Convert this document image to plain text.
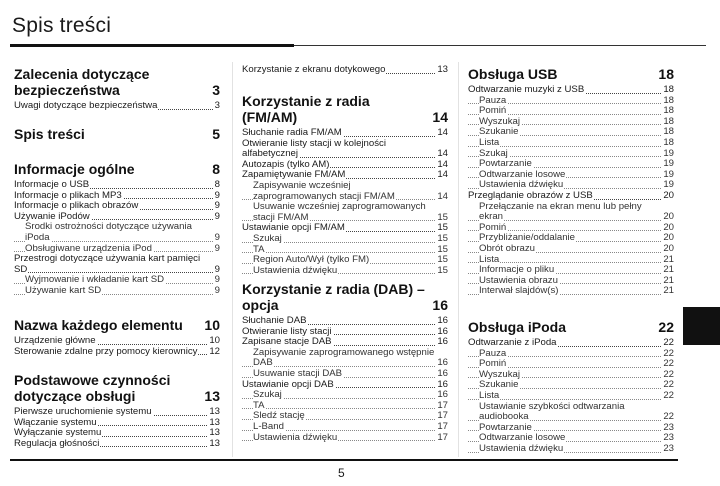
Spis treści
Zalecenia dotyczące bezpieczeństwa	3
Uwagi dotyczące bezpieczeństwa	3
Spis treści	5
Informacje ogólne	8
Informacje o USB	8
Informacje o plikach MP3	9
Informacje o plikach obrazów	9
Używanie iPodów	9
Środki ostrożności dotyczące używania iPoda	9
Obsługiwane urządzenia iPod	9
Przestrogi dotyczące używania kart pamięci SD	9
Wyjmowanie i wkładanie kart SD	9
Używanie kart SD	9
Nazwa każdego elementu	10
Urządzenie główne	10
Sterowanie zdalne przy pomocy kierownicy 12
Podstawowe czynności dotyczące obsługi	13
Pierwsze uruchomienie systemu	13
Włączanie systemu	13
Wyłączanie systemu	13
Regulacja głośności	13
Korzystanie z ekranu dotykowego	13
Korzystanie z radia (FM/AM)	14
Słuchanie radia FM/AM	14
Otwieranie listy stacji w kolejności alfabetycznej	14
Autozapis (tylko AM)	14
Zapamiętywanie FM/AM	14
Zapisywanie wcześniej zaprogramowanych stacji FM/AM	14
Usuwanie wcześniej zaprogramowanych stacji FM/AM	15
Ustawianie opcji FM/AM	15
Szukaj	15
TA	15
Region Auto/Wył (tylko FM)	15
Ustawienia dźwięku	15
Korzystanie z radia (DAB) – opcja	16
Słuchanie DAB	16
Otwieranie listy stacji	16
Zapisane stacje DAB	16
Zapisywanie zaprogramowanego wstępnie DAB	16
Usuwanie stacji DAB	16
Ustawianie opcji DAB	16
Szukaj	16
TA	17
Śledź stację	17
L-Band	17
Ustawienia dźwięku	17
Obsługa USB	18
Odtwarzanie muzyki z USB	18
Pauza	18
Pomiń	18
Wyszukaj	18
Szukanie	18
Lista	18
Szukaj	19
Powtarzanie	19
Odtwarzanie losowe	19
Ustawienia dźwięku	19
Przeglądanie obrazów z USB	20
Przełączanie na ekran menu lub pełny ekran	20
Pomiń	20
Przybliżanie/oddalanie	20
Obrót obrazu	20
Lista	21
Informacje o pliku	21
Ustawienia obrazu	21
Interwał slajdów(s)	21
Obsługa iPoda	22
Odtwarzanie z iPoda	22
Pauza	22
Pomiń	22
Wyszukaj	22
Szukanie	22
Lista	22
Ustawianie szybkości odtwarzania audiobooka	22
Powtarzanie	23
Odtwarzanie losowe	23
Ustawienia dźwięku	23
5
